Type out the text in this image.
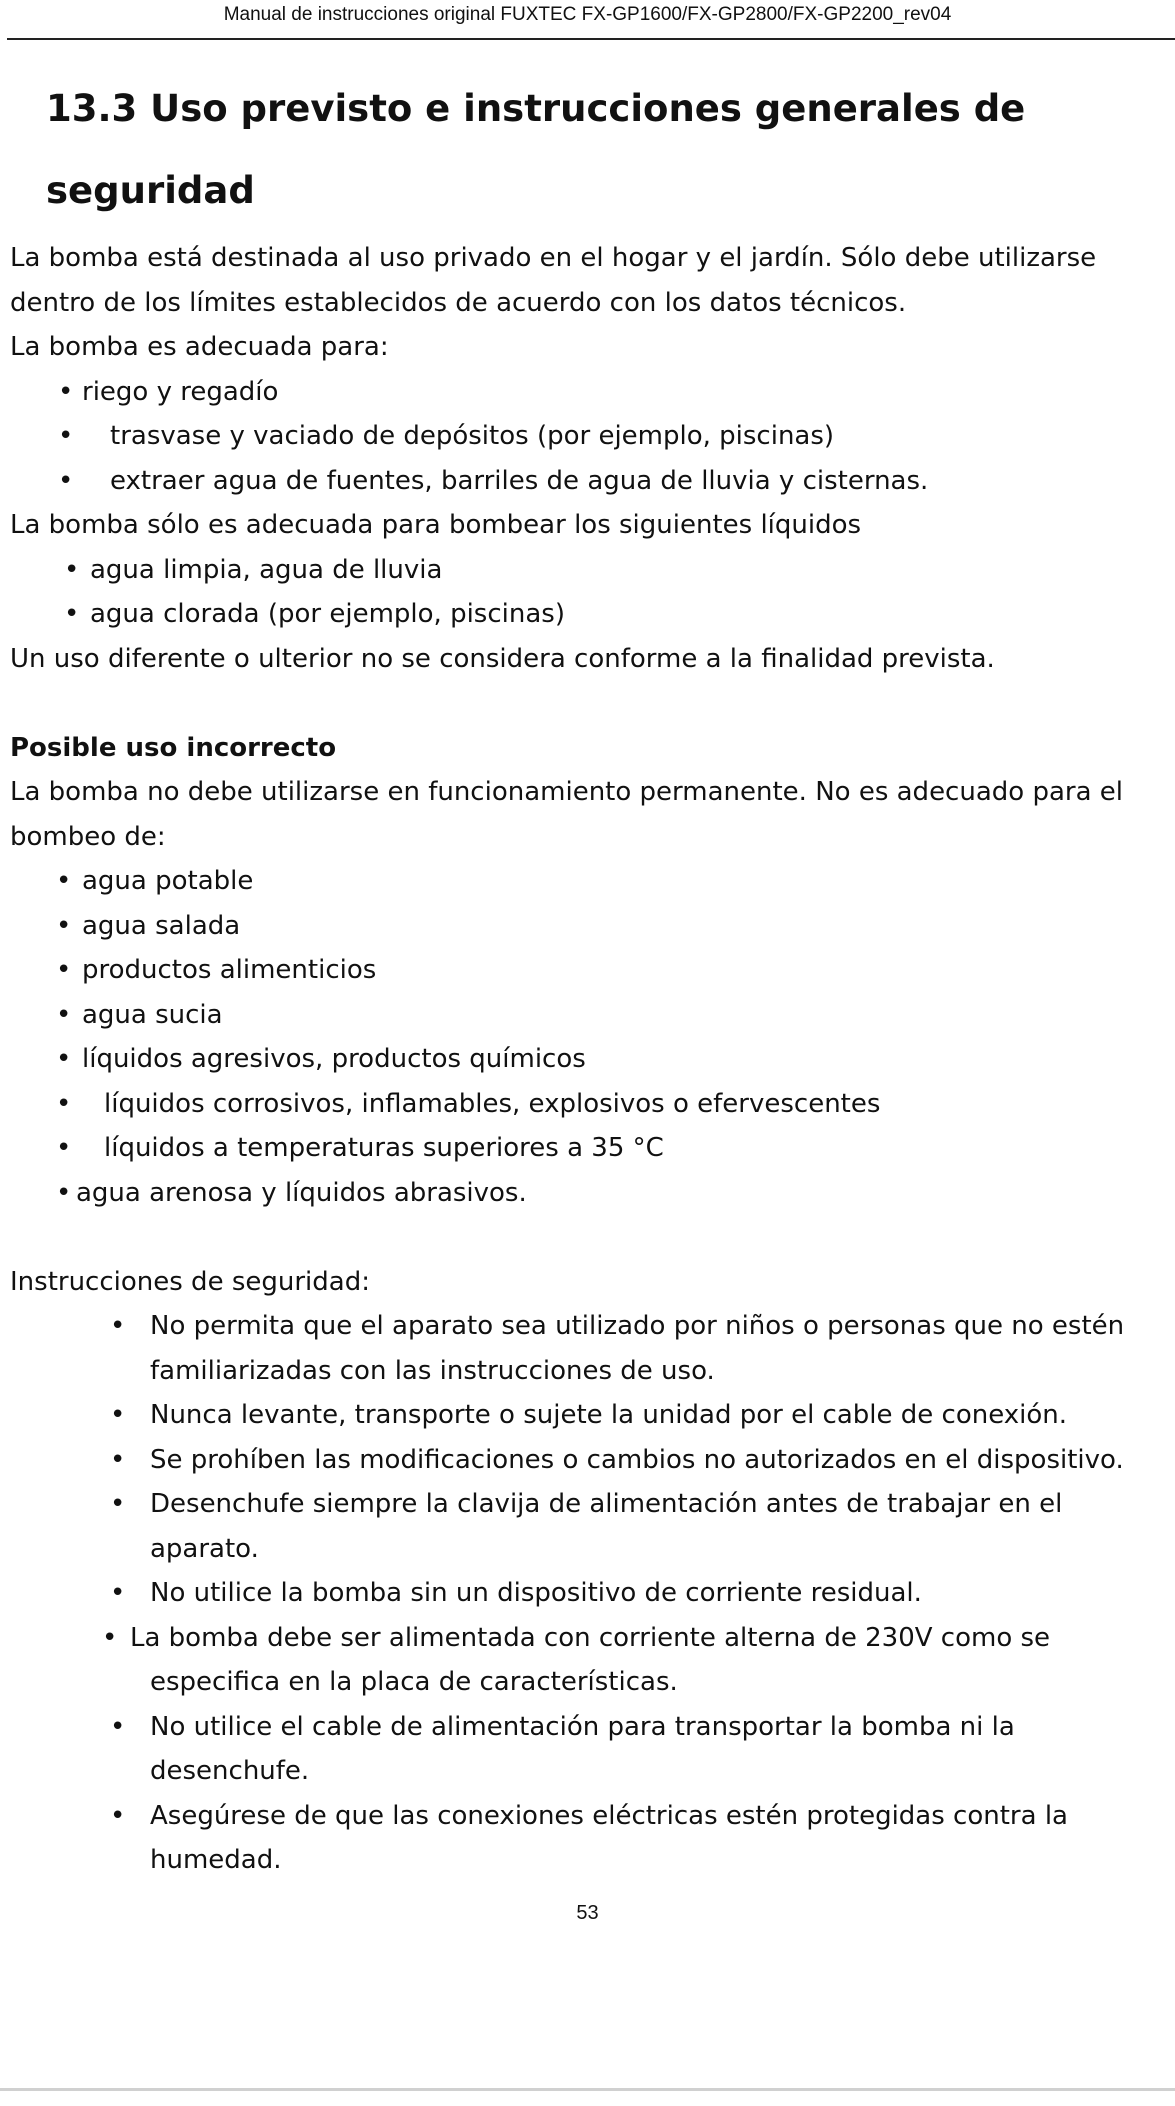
Manual de instrucciones original FUXTEC FX-GP1600/FX-GP2800/FX-GP2200_rev04
13.3 Uso previsto e instrucciones generales de
seguridad

La bomba está destinada al uso privado en el hogar y el jardín. Sólo debe utilizarse dentro de los límites establecidos de acuerdo con los datos técnicos.

La bomba es adecuada para:

• riego y regadío
• trasvase y vaciado de depósitos (por ejemplo, piscinas)
• extraer agua de fuentes, barriles de agua de lluvia y cisternas.

La bomba sólo es adecuada para bombear los siguientes líquidos

• agua limpia, agua de lluvia
• agua clorada (por ejemplo, piscinas)

Un uso diferente o ulterior no se considera conforme a la finalidad prevista.

Posible uso incorrecto

La bomba no debe utilizarse en funcionamiento permanente. No es adecuado para el bombeo de:

• agua potable
• agua salada
• productos alimenticios
• agua sucia
• líquidos agresivos, productos químicos
• líquidos corrosivos, inflamables, explosivos o efervescentes
• líquidos a temperaturas superiores a 35 °C
• agua arenosa y líquidos abrasivos.

Instrucciones de seguridad:

• No permita que el aparato sea utilizado por niños o personas que no estén familiarizadas con las instrucciones de uso.
• Nunca levante, transporte o sujete la unidad por el cable de conexión.
• Se prohíben las modificaciones o cambios no autorizados en el dispositivo.
• Desenchufe siempre la clavija de alimentación antes de trabajar en el aparato.
• No utilice la bomba sin un dispositivo de corriente residual.
• La bomba debe ser alimentada con corriente alterna de 230V como se
especifica en la placa de características.
• No utilice el cable de alimentación para transportar la bomba ni la desenchufe.
• Asegúrese de que las conexiones eléctricas estén protegidas contra la humedad.
53
